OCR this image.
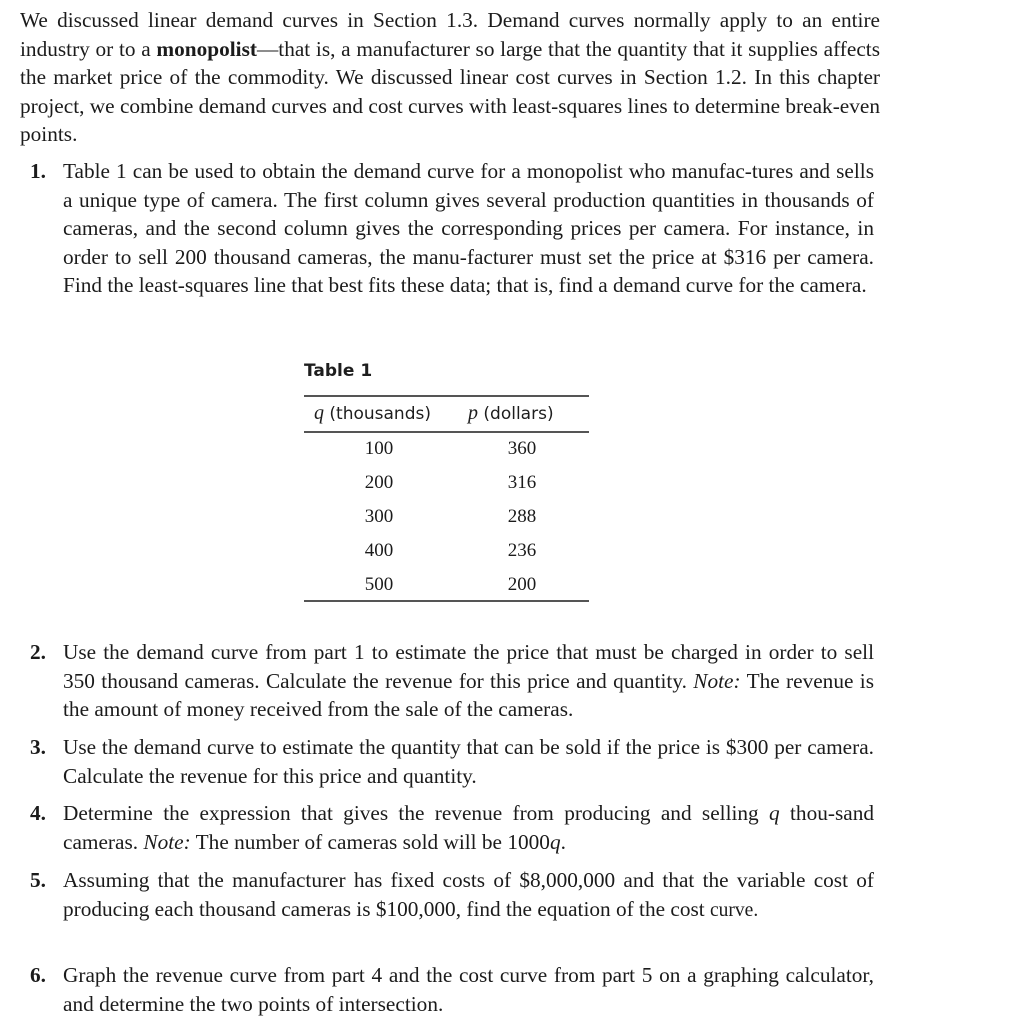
We discussed linear demand curves in Section 1.3. Demand curves normally apply to an entire industry or to a monopolist—that is, a manufacturer so large that the quantity that it supplies affects the market price of the commodity. We discussed linear cost curves in Section 1.2. In this chapter project, we combine demand curves and cost curves with least-squares lines to determine break-even points.

1. Table 1 can be used to obtain the demand curve for a monopolist who manufac-tures and sells a unique type of camera. The first column gives several production quantities in thousands of cameras, and the second column gives the corresponding prices per camera. For instance, in order to sell 200 thousand cameras, the manu-facturer must set the price at $316 per camera. Find the least-squares line that best fits these data; that is, find a demand curve for the camera.
Table 1
q (thousands) p (dollars)
100	360
200	316
300	288
400	236
500	200
2. Use the demand curve from part 1 to estimate the price that must be charged in order to sell 350 thousand cameras. Calculate the revenue for this price and quantity. Note: The revenue is the amount of money received from the sale of the cameras.
3. Use the demand curve to estimate the quantity that can be sold if the price is $300 per camera. Calculate the revenue for this price and quantity.
4. Determine the expression that gives the revenue from producing and selling q thou-sand cameras. Note: The number of cameras sold will be 1000q.
5. Assuming that the manufacturer has fixed costs of $8,000,000 and that the variable cost of producing each thousand cameras is $100,000, find the equation of the cost curve.
6. Graph the revenue curve from part 4 and the cost curve from part 5 on a graphing calculator, and determine the two points of intersection.
